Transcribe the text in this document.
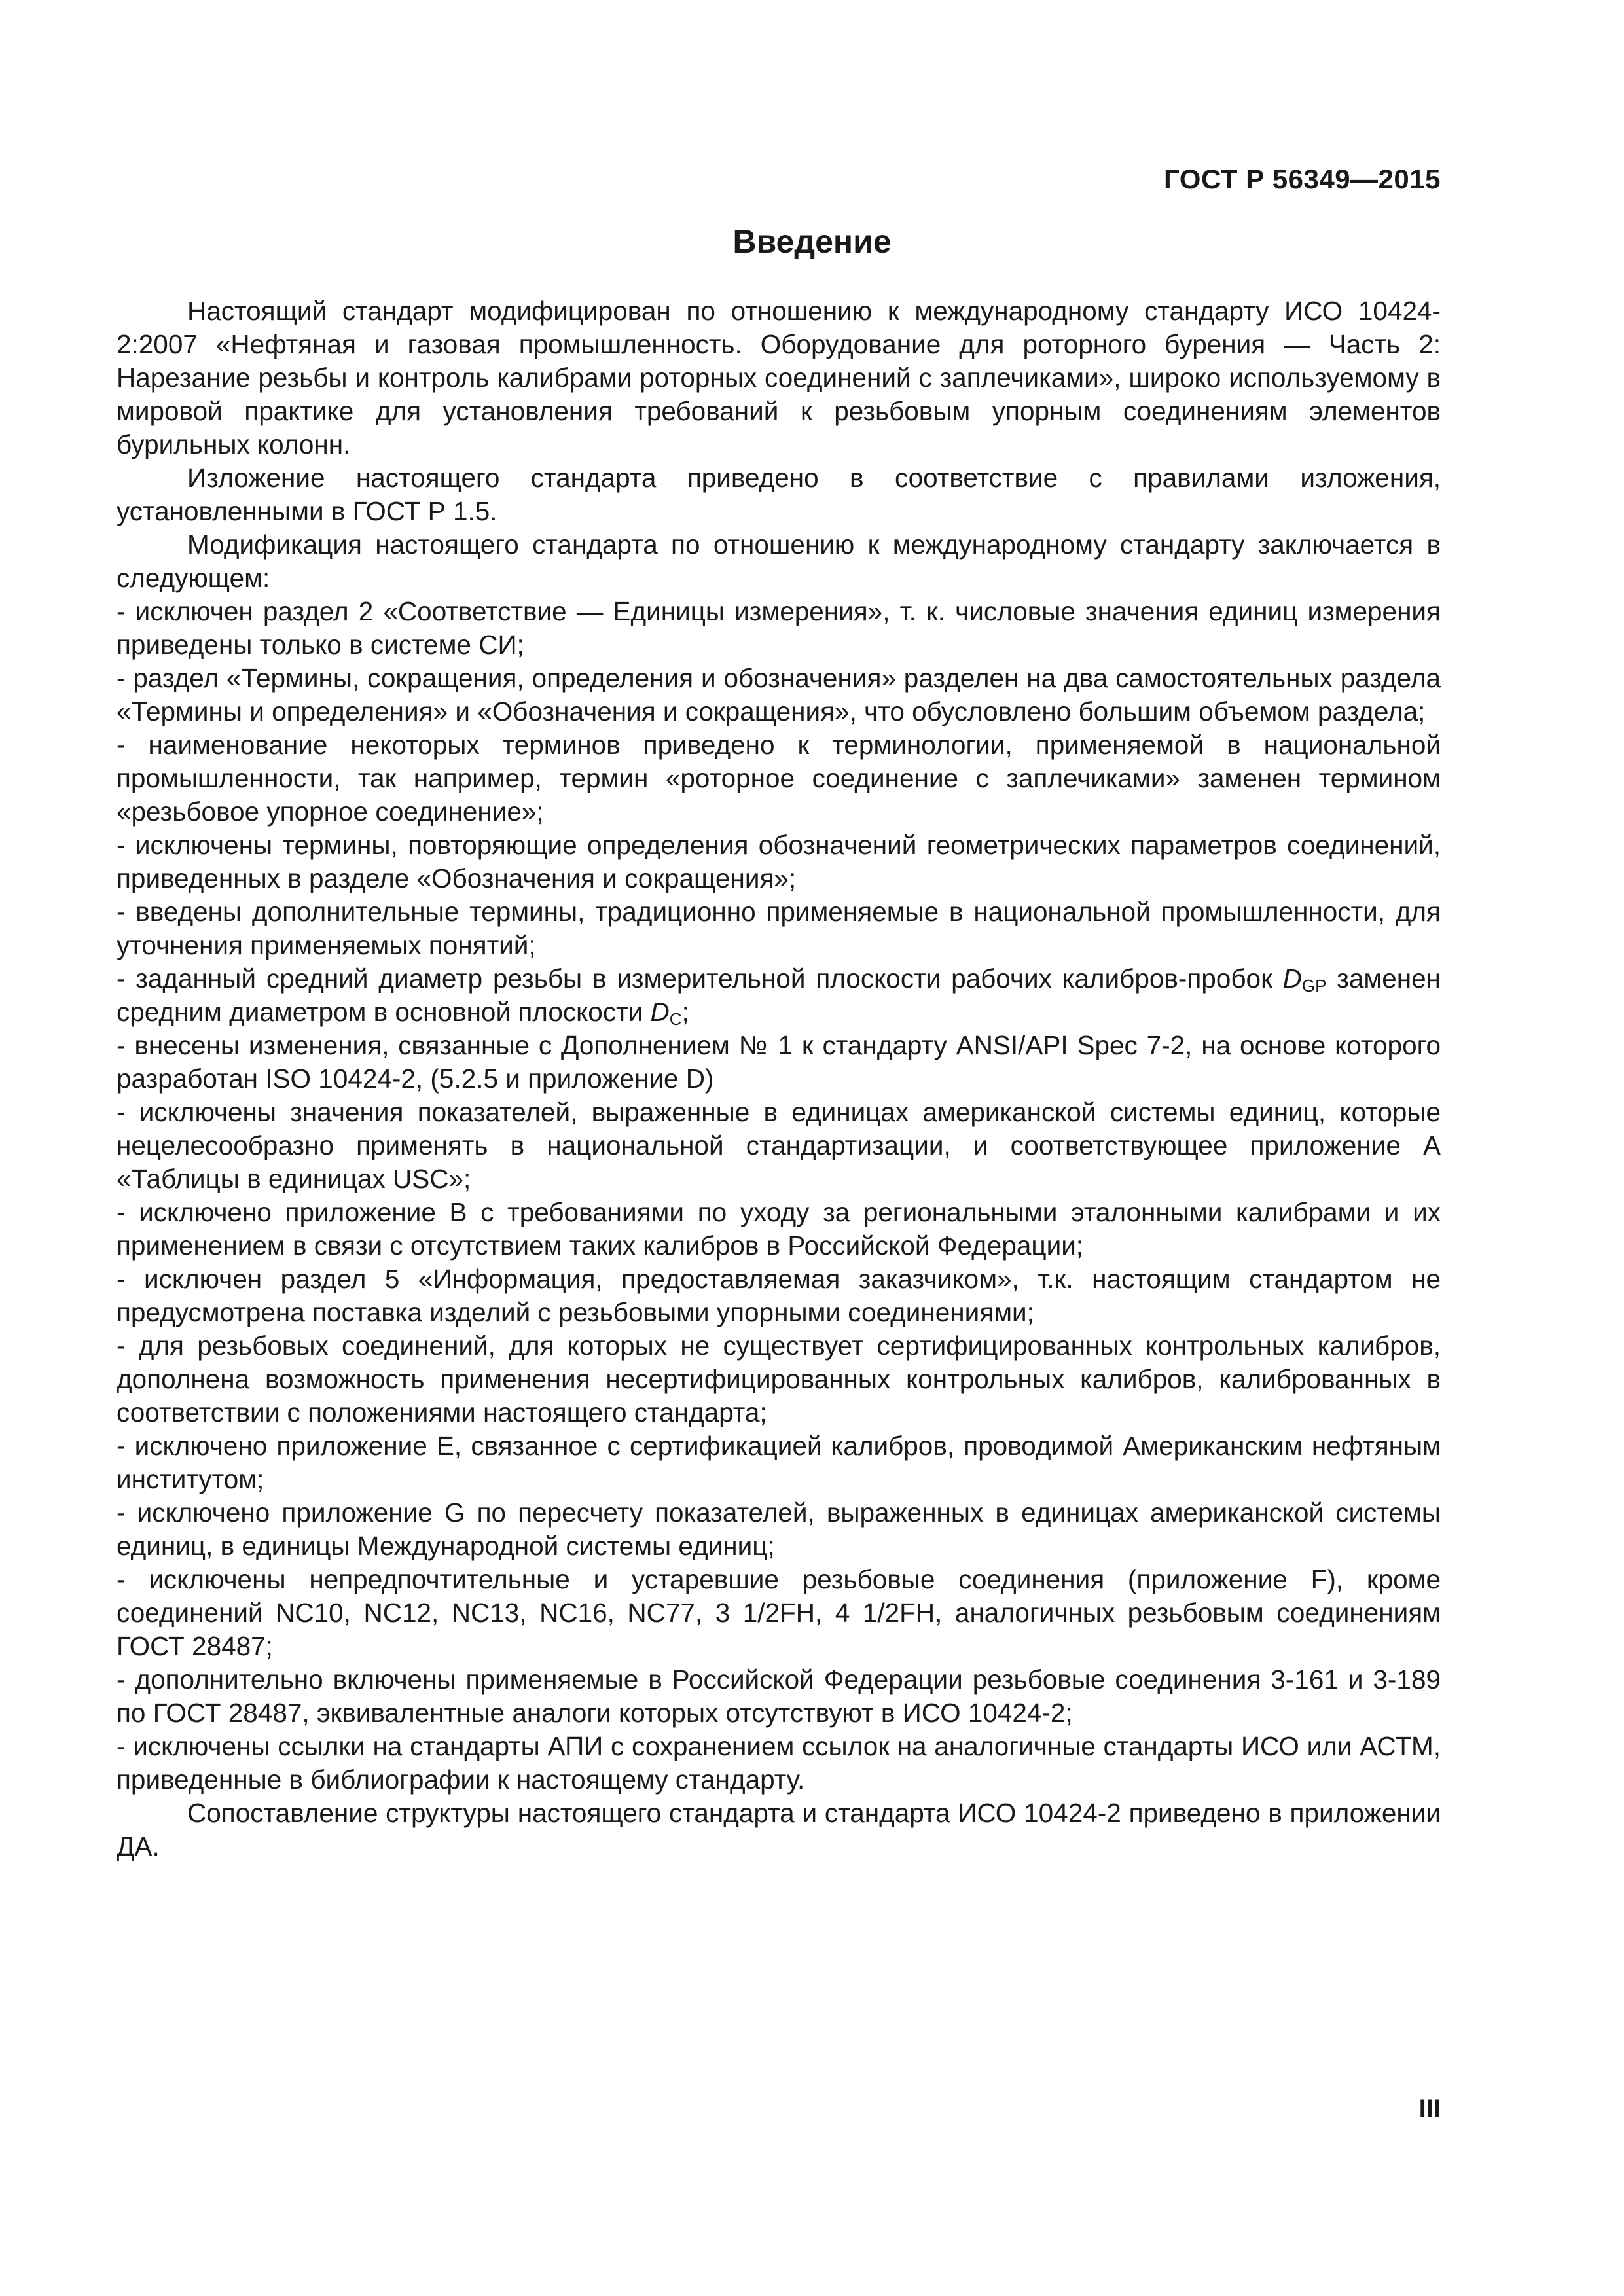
ГОСТ Р 56349—2015
Введение

Настоящий стандарт модифицирован по отношению к международному стандарту ИСО 10424-2:2007 «Нефтяная и газовая промышленность. Оборудование для роторного бурения — Часть 2: Нарезание резьбы и контроль калибрами роторных соединений с заплечиками», широко используемому в мировой практике для установления требований к резьбовым упорным соединениям элементов бурильных колонн.

Изложение настоящего стандарта приведено в соответствие с правилами изложения, установленными в ГОСТ Р 1.5.

Модификация настоящего стандарта по отношению к международному стандарту заключается в следующем:

- исключен раздел 2 «Соответствие — Единицы измерения», т. к. числовые значения единиц измерения приведены только в системе СИ;

- раздел «Термины, сокращения, определения и обозначения» разделен на два самостоятельных раздела «Термины и определения» и «Обозначения и сокращения», что обусловлено большим объемом раздела;

- наименование некоторых терминов приведено к терминологии, применяемой в национальной промышленности, так например, термин «роторное соединение с заплечиками» заменен термином «резьбовое упорное соединение»;

- исключены термины, повторяющие определения обозначений геометрических параметров соединений, приведенных в разделе «Обозначения и сокращения»;

- введены дополнительные термины, традиционно применяемые в национальной промышленности, для уточнения применяемых понятий;

- заданный средний диаметр резьбы в измерительной плоскости рабочих калибров-пробок $D_{GP}$ заменен средним диаметром в основной плоскости $D_C$;

- внесены изменения, связанные с Дополнением № 1 к стандарту ANSI/API Spec 7-2, на основе которого разработан ISO 10424-2, (5.2.5 и приложение D)

- исключены значения показателей, выраженные в единицах американской системы единиц, которые нецелесообразно применять в национальной стандартизации, и соответствующее приложение A «Таблицы в единицах USC»;

- исключено приложение B с требованиями по уходу за региональными эталонными калибрами и их применением в связи с отсутствием таких калибров в Российской Федерации;

- исключен раздел 5 «Информация, предоставляемая заказчиком», т.к. настоящим стандартом не предусмотрена поставка изделий с резьбовыми упорными соединениями;

- для резьбовых соединений, для которых не существует сертифицированных контрольных калибров, дополнена возможность применения несертифицированных контрольных калибров, калиброванных в соответствии с положениями настоящего стандарта;

- исключено приложение E, связанное с сертификацией калибров, проводимой Американским нефтяным институтом;

- исключено приложение G по пересчету показателей, выраженных в единицах американской системы единиц, в единицы Международной системы единиц;

- исключены непредпочтительные и устаревшие резьбовые соединения (приложение F), кроме соединений NC10, NC12, NC13, NC16, NC77, 3 1/2FH, 4 1/2FH, аналогичных резьбовым соединениям ГОСТ 28487;

- дополнительно включены применяемые в Российской Федерации резьбовые соединения 3-161 и 3-189 по ГОСТ 28487, эквивалентные аналоги которых отсутствуют в ИСО 10424-2;

- исключены ссылки на стандарты АПИ с сохранением ссылок на аналогичные стандарты ИСО или АСТМ, приведенные в библиографии к настоящему стандарту.

Сопоставление структуры настоящего стандарта и стандарта ИСО 10424-2 приведено в приложении ДА.

III
